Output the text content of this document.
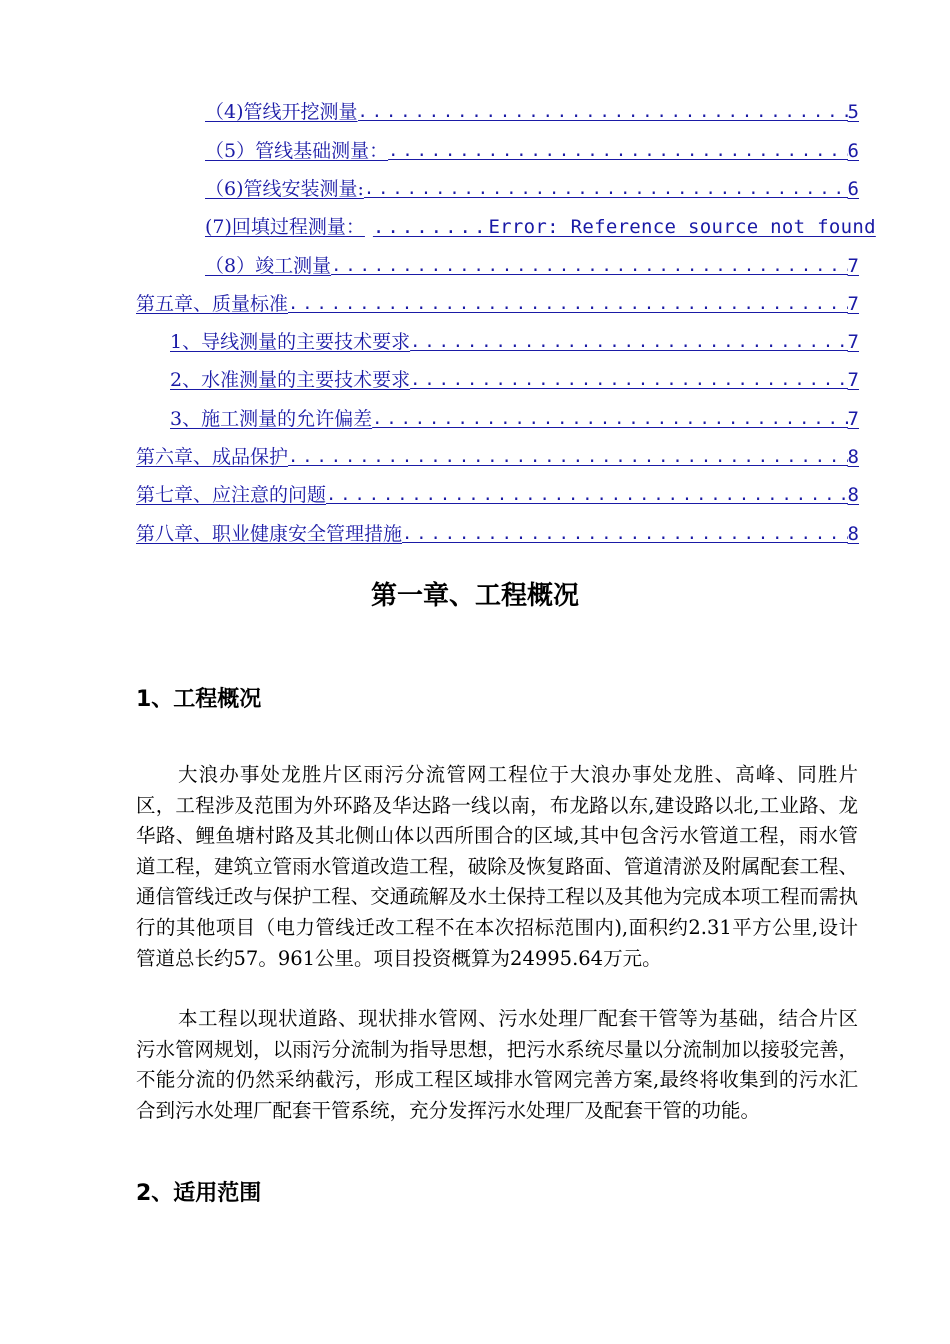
（4)管线开挖测量 .....	5
（5）管线基础测量： .....	6
（6)管线安装测量: .....	6
(7)回填过程测量： ........ Error: Reference source not found
（8）竣工测量 .....	7
第五章、质量标准 .....	7
1、导线测量的主要技术要求 .....	7
2、水准测量的主要技术要求 .....	7
3、施工测量的允许偏差 .....	7
第六章、成品保护 .....	8
第七章、应注意的问题 .....	8
第八章、职业健康安全管理措施 .....	8
第一章、工程概况
1、工程概况

大浪办事处龙胜片区雨污分流管网工程位于大浪办事处龙胜、高峰、同胜片区，工程涉及范围为外环路及华达路一线以南，布龙路以东,建设路以北,工业路、龙华路、鲤鱼塘村路及其北侧山体以西所围合的区域,其中包含污水管道工程，雨水管道工程，建筑立管雨水管道改造工程，破除及恢复路面、管道清淤及附属配套工程、通信管线迁改与保护工程、交通疏解及水土保持工程以及其他为完成本项工程而需执行的其他项目（电力管线迁改工程不在本次招标范围内),面积约2.31平方公里,设计管道总长约57。961公里。项目投资概算为24995.64万元。

本工程以现状道路、现状排水管网、污水处理厂配套干管等为基础，结合片区污水管网规划，以雨污分流制为指导思想，把污水系统尽量以分流制加以接驳完善，不能分流的仍然采纳截污，形成工程区域排水管网完善方案,最终将收集到的污水汇合到污水处理厂配套干管系统，充分发挥污水处理厂及配套干管的功能。

2、适用范围
